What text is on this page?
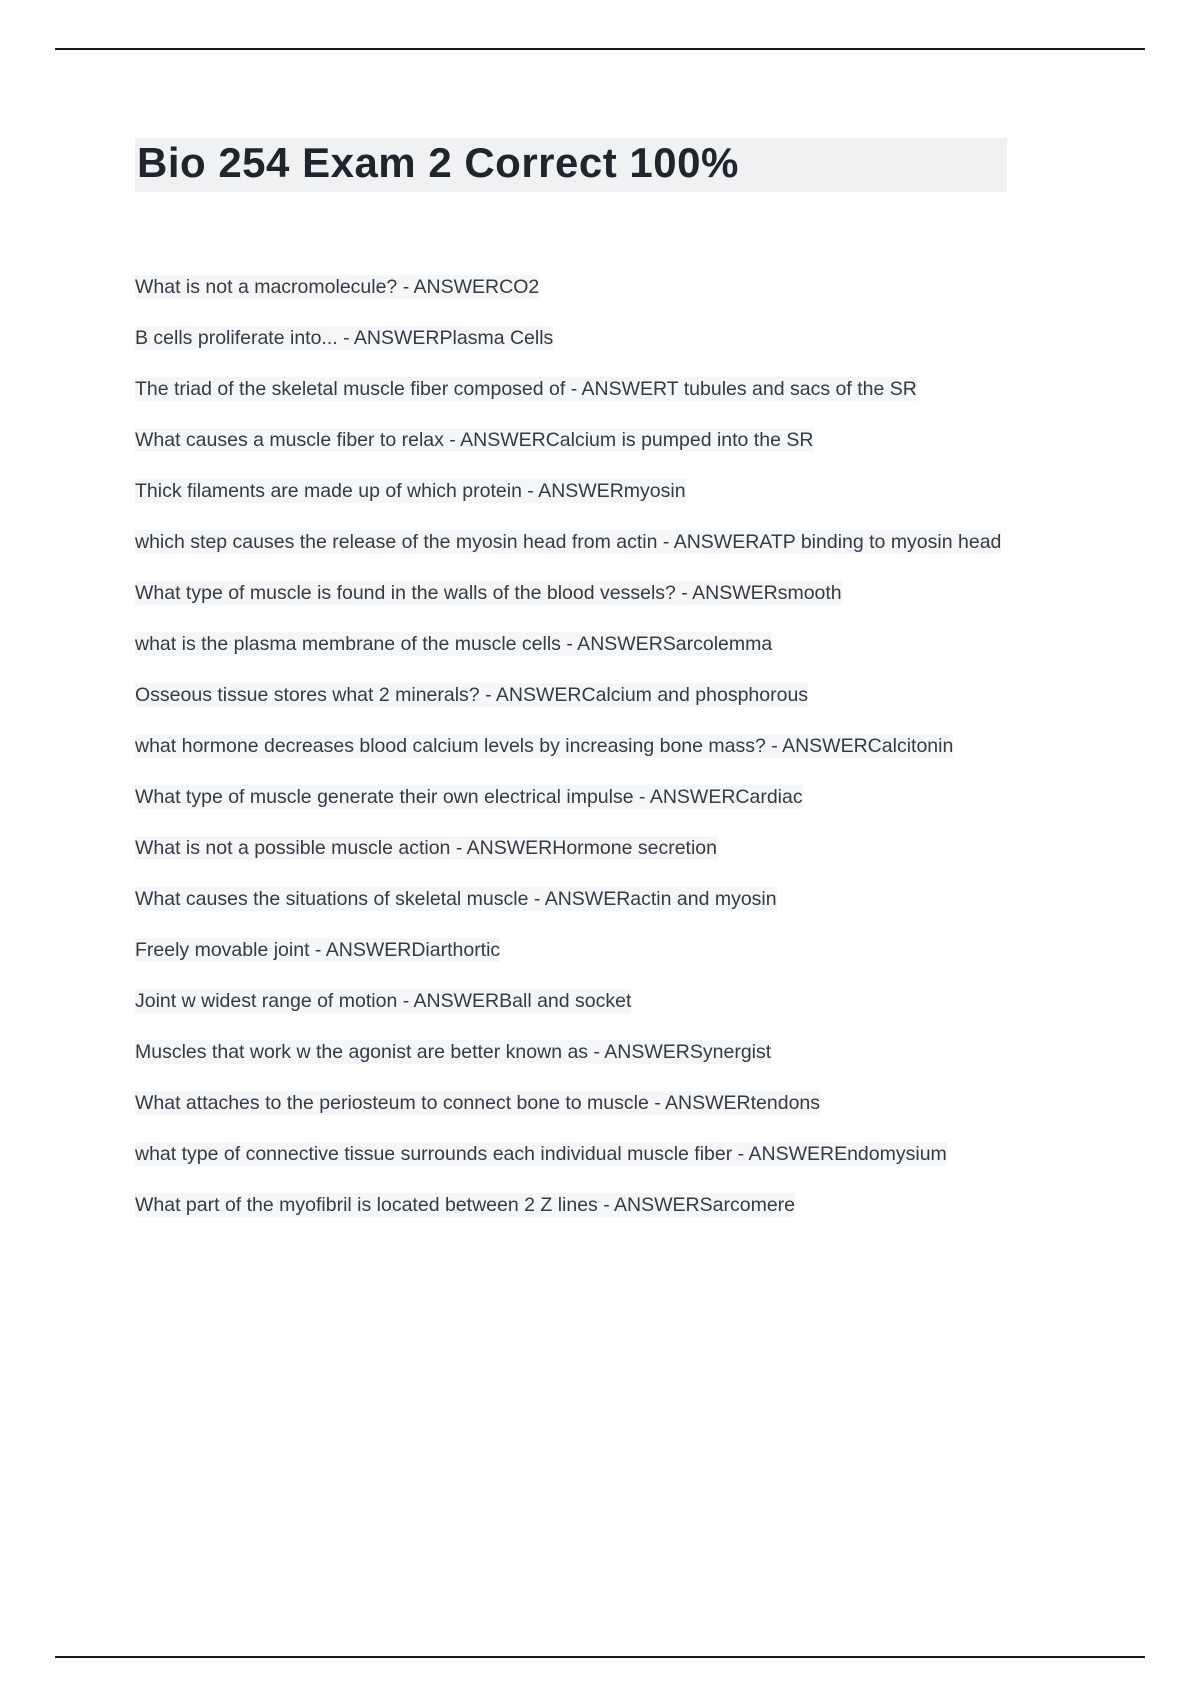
Bio 254 Exam 2 Correct 100%

What is not a macromolecule? - ANSWERCO2

B cells proliferate into... - ANSWERPlasma Cells

The triad of the skeletal muscle fiber composed of - ANSWERT tubules and sacs of the SR

What causes a muscle fiber to relax - ANSWERCalcium is pumped into the SR

Thick filaments are made up of which protein - ANSWERmyosin

which step causes the release of the myosin head from actin - ANSWERATP binding to myosin head

What type of muscle is found in the walls of the blood vessels? - ANSWERsmooth

what is the plasma membrane of the muscle cells - ANSWERSarcolemma

Osseous tissue stores what 2 minerals? - ANSWERCalcium and phosphorous

what hormone decreases blood calcium levels by increasing bone mass? - ANSWERCalcitonin

What type of muscle generate their own electrical impulse - ANSWERCardiac

What is not a possible muscle action - ANSWERHormone secretion

What causes the situations of skeletal muscle - ANSWERactin and myosin

Freely movable joint - ANSWERDiarthortic

Joint w widest range of motion - ANSWERBall and socket

Muscles that work w the agonist are better known as - ANSWERSynergist

What attaches to the periosteum to connect bone to muscle - ANSWERtendons

what type of connective tissue surrounds each individual muscle fiber - ANSWEREndomysium

What part of the myofibril is located between 2 Z lines - ANSWERSarcomere
